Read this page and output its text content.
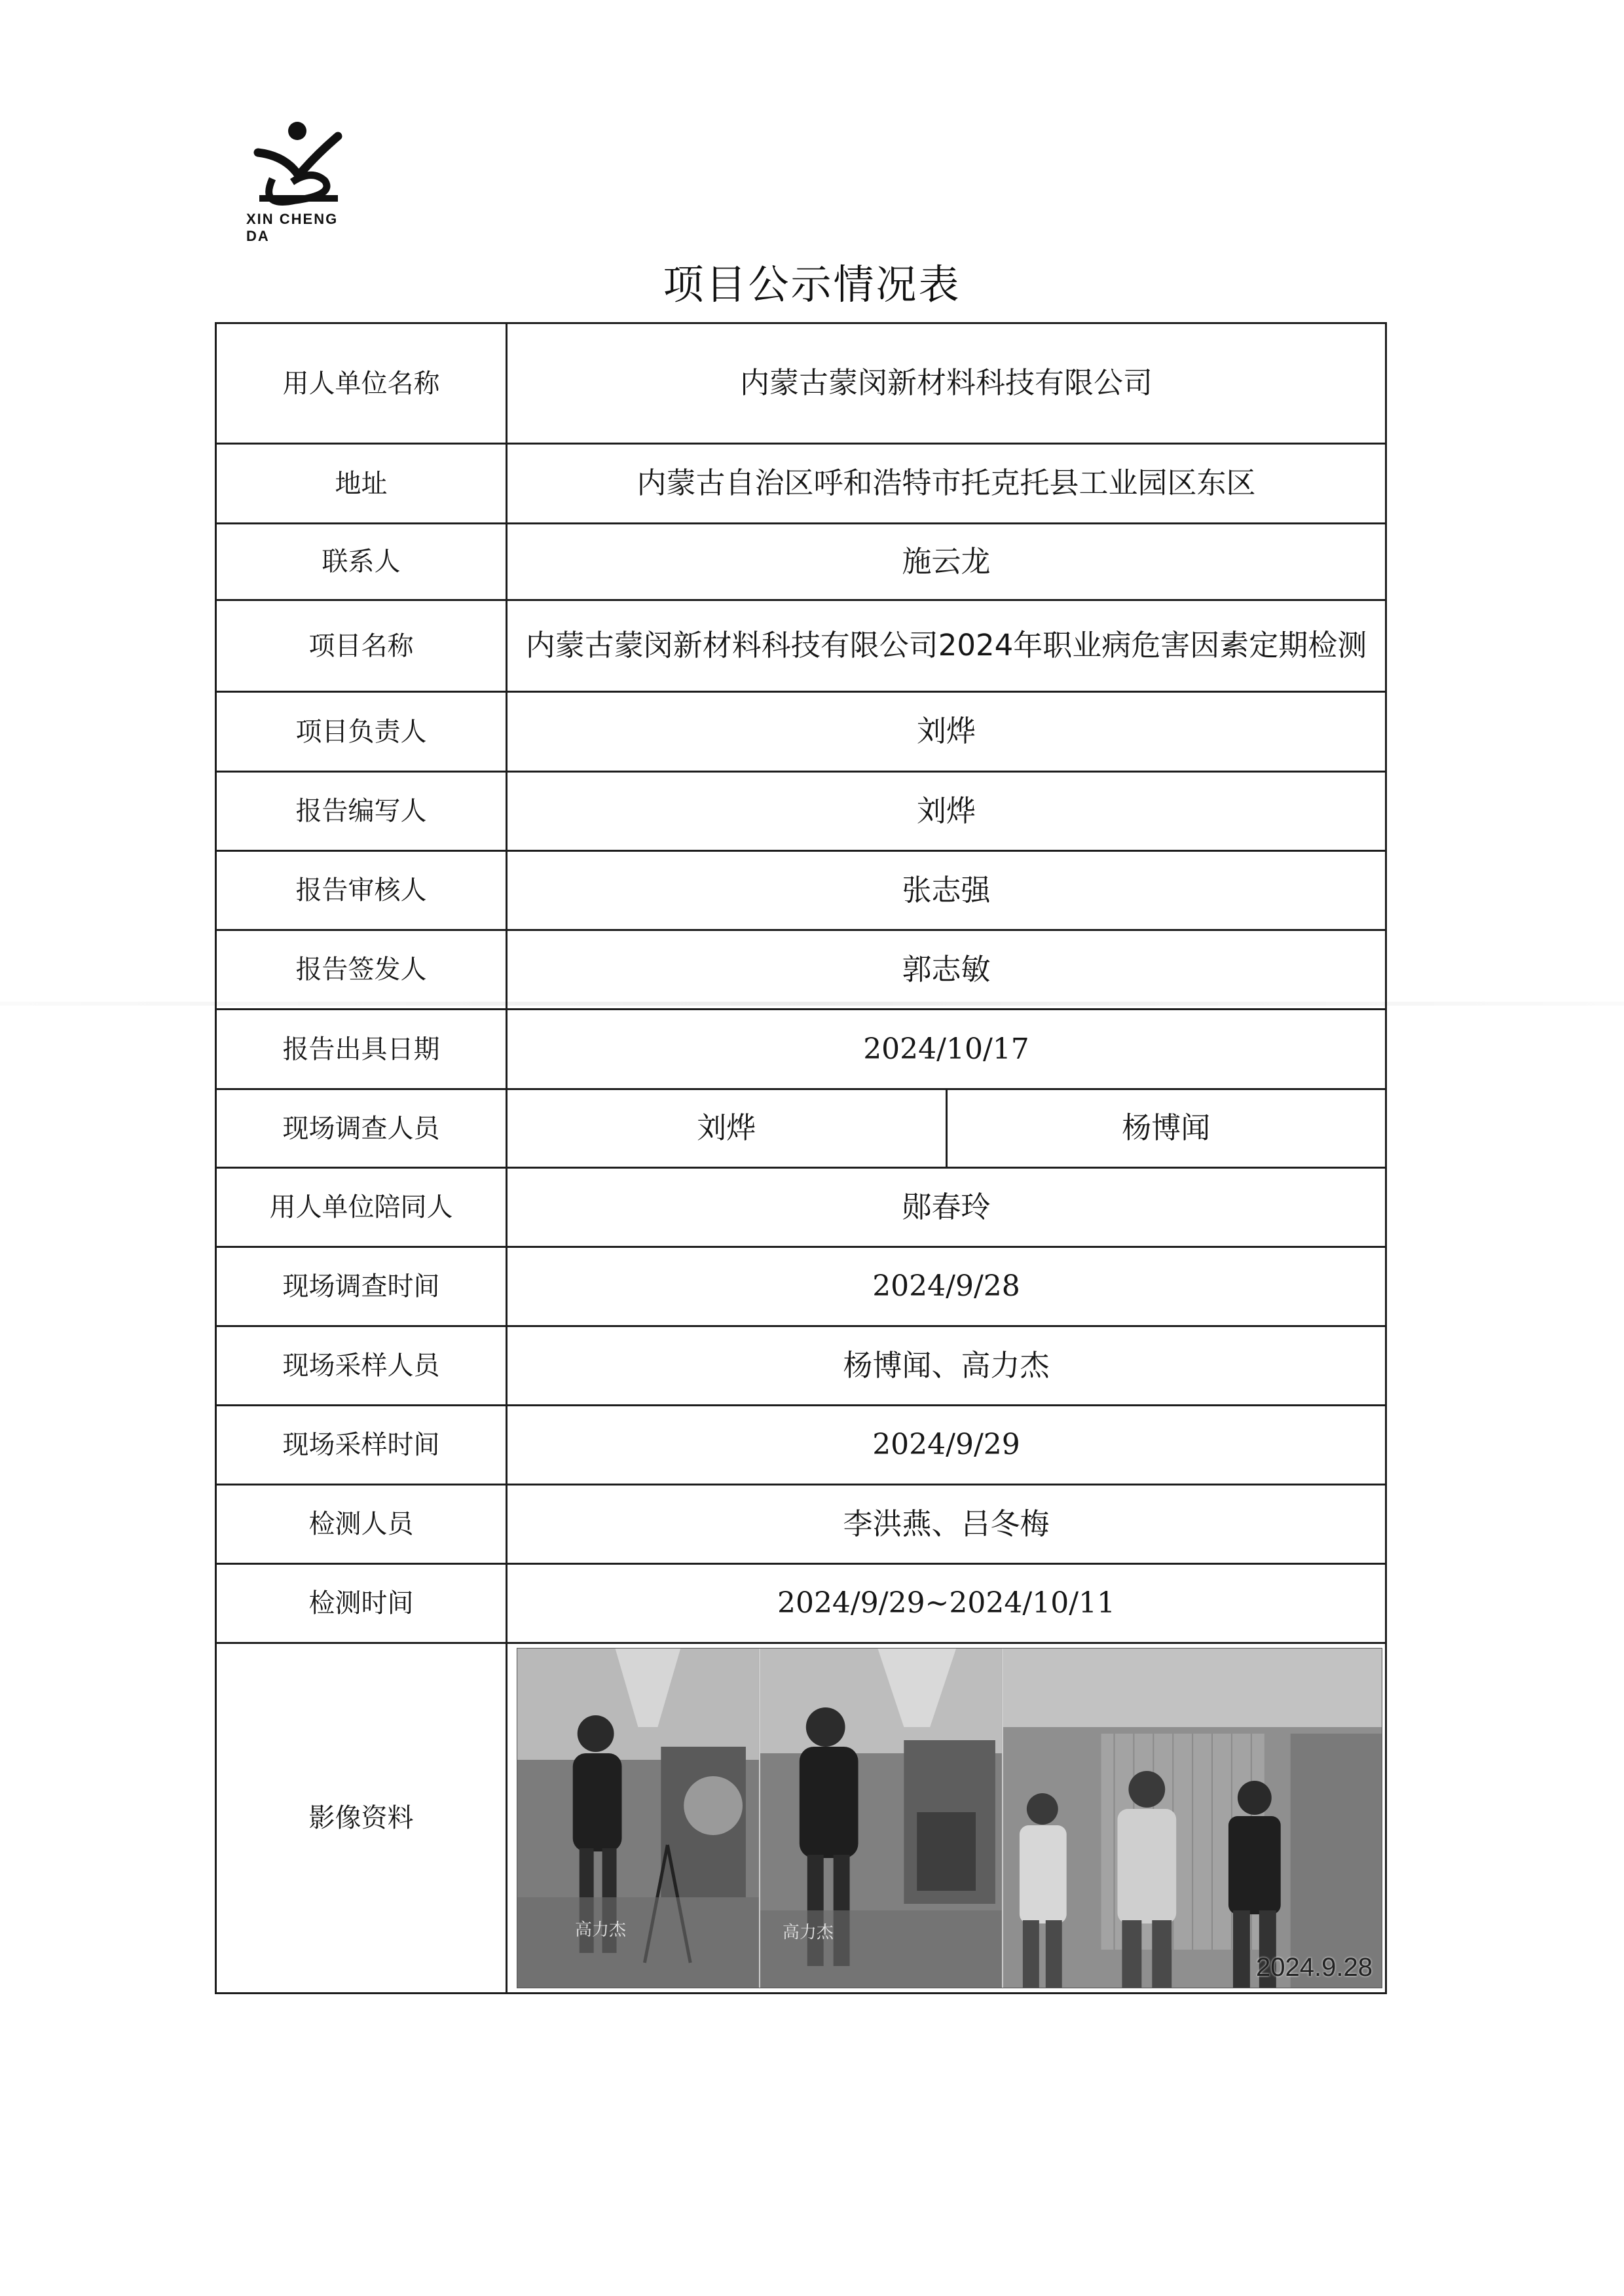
XIN CHENG DA
项目公示情况表
用人单位名称	内蒙古蒙闵新材料科技有限公司	
地址	内蒙古自治区呼和浩特市托克托县工业园区东区	
联系人	施云龙	
项目名称	内蒙古蒙闵新材料科技有限公司2024年职业病危害因素定期检测	
项目负责人	刘烨	
报告编写人	刘烨	
报告审核人	张志强	
报告签发人	郭志敏	
报告出具日期	2024/10/17	
现场调查人员	刘烨	杨博闻
用人单位陪同人	郧春玲	
现场调查时间	2024/9/28	
现场采样人员	杨博闻、高力杰	
现场采样时间	2024/9/29	
检测人员	李洪燕、吕冬梅	
检测时间	2024/9/29~2024/10/11	
影像资料	高力杰 高力杰
2024.9.28	
